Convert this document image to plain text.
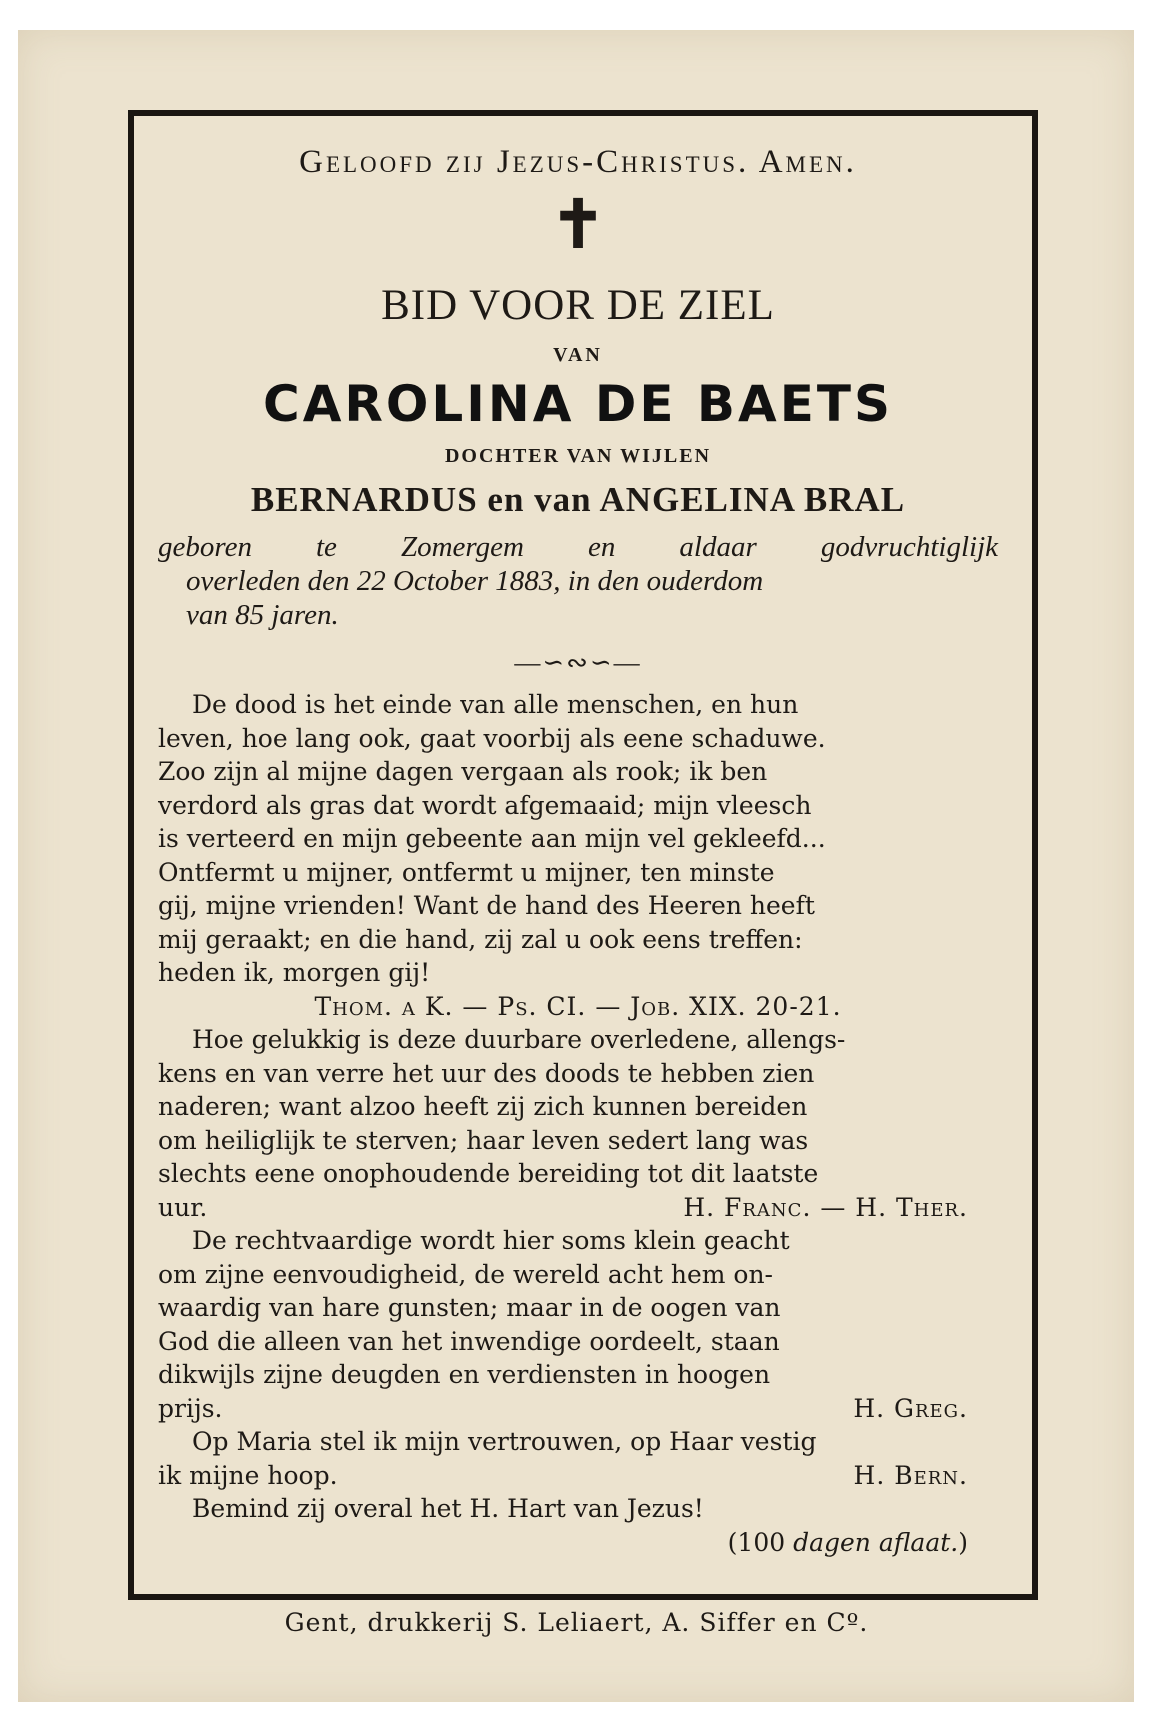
Geloofd zij Jezus-Christus. Amen.
✝
BID VOOR DE ZIEL
VAN
CAROLINA DE BAETS
DOCHTER VAN WIJLEN
BERNARDUS en van ANGELINA BRAL
geboren te Zomergem en aldaar godvruchtiglijk
overleden den 22 October 1883, in den ouderdom
van 85 jaren.
—∽∾∽—
De dood is het einde van alle menschen, en hun
leven, hoe lang ook, gaat voorbij als eene schaduwe.
Zoo zijn al mijne dagen vergaan als rook; ik ben
verdord als gras dat wordt afgemaaid; mijn vleesch
is verteerd en mijn gebeente aan mijn vel gekleefd...
Ontfermt u mijner, ontfermt u mijner, ten minste
gij, mijne vrienden! Want de hand des Heeren heeft
mij geraakt; en die hand, zij zal u ook eens treffen:
heden ik, morgen gij!
Thom. a K. — Ps. CI. — Job. XIX. 20-21.
Hoe gelukkig is deze duurbare overledene, allengs-
kens en van verre het uur des doods te hebben zien
naderen; want alzoo heeft zij zich kunnen bereiden
om heiliglijk te sterven; haar leven sedert lang was
slechts eene onophoudende bereiding tot dit laatste
uur.	H. Franc. — H. Ther.
De rechtvaardige wordt hier soms klein geacht
om zijne eenvoudigheid, de wereld acht hem on-
waardig van hare gunsten; maar in de oogen van
God die alleen van het inwendige oordeelt, staan
dikwijls zijne deugden en verdiensten in hoogen
prijs.	H. Greg.
Op Maria stel ik mijn vertrouwen, op Haar vestig
ik mijne hoop.	H. Bern.
Bemind zij overal het H. Hart van Jezus!
(100 dagen aflaat.)
Gent, drukkerij S. Leliaert, A. Siffer en Cº.
